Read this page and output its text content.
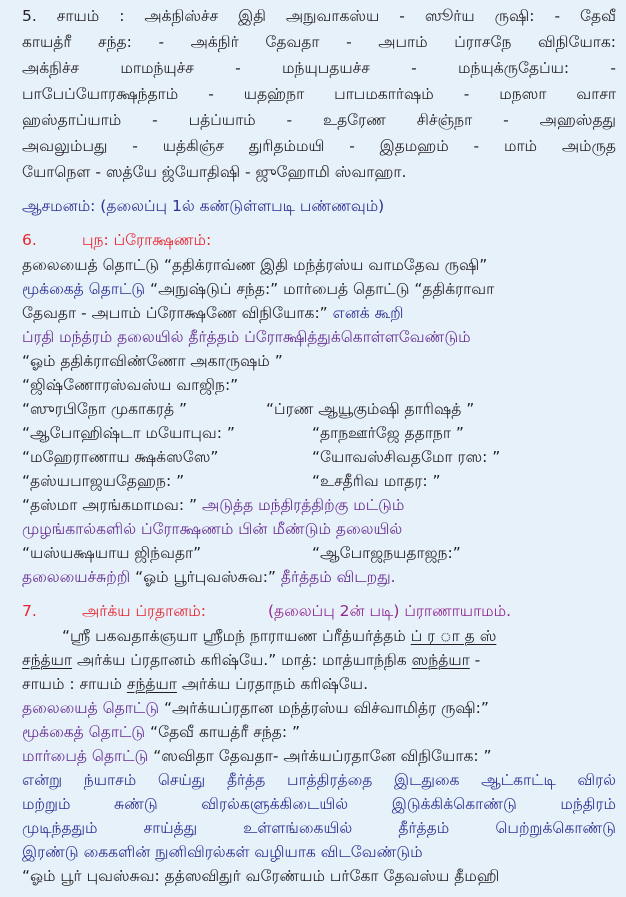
5. சாயம் : அக்நிஸ்ச்ச இதி அநுவாகஸ்ய - ஸூர்ய ருஷி: - தேவீ
காயத்ரீ சந்த: - அக்நிர் தேவதா - அபாம் ப்ராசநே விநியோக:
அக்நிச்ச மாமந்யுச்ச - மந்யுபதயச்ச - மந்யுக்ருதேப்ய: -
பாபேப்யோரக்ஷந்தாம் - யதஹ்நா பாபமகார்ஷம் - மநஸா வாசா
ஹஸ்தாப்யாம் - பத்ப்யாம் - உதரேண சிச்ஞ்நா - அஹஸ்தது
அவலும்பது - யத்கிஞ்ச துரிதம்மயி - இதமஹம் - மாம் அம்ருத
யோநௌ - ஸத்யே ஜ்யோதிஷி - ஜுஹோமி ஸ்வாஹா.
ஆசமனம்: (தலைப்பு 1ல் கண்டுள்ளபடி பண்ணவும்)
6.	புந: ப்ரோக்ஷணம்:
தலையைத் தொட்டு “ததிக்ராவ்ண இதி மந்த்ரஸ்ய வாமதேவ ருஷி”
மூக்கைத் தொட்டு “அநுஷ்டுப் சந்த:” மார்பைத் தொட்டு “ததிக்ராவா
தேவதா - அபாம் ப்ரோக்ஷணே விநியோக:” எனக் கூறி
ப்ரதி மந்த்ரம் தலையில் தீர்த்தம் ப்ரோக்ஷித்துக்கொள்ளவேண்டும்
“ஓம் ததிக்ராவிண்ணோ அகாருஷம் ”
“ஜிஷ்ணோரஸ்வஸ்ய வாஜிந:”
“ஸுரபிநோ முகாகரத் ”	“ப்ரண ஆயூகும்ஷி தாரிஷத் ”
“ஆபோஹிஷ்டா மயோபுவ: ”	“தாநஊர்ஜே ததாநா ”
“மஹேராணாய க்ஷக்ஸஸே”	“யோவஸ்சிவதமோ ரஸ: ”
“தஸ்யபாஜயதேஹந: ”	“உசதீரிவ மாதர: ”
“தஸ்மா அரங்கமாமவ: ” அடுத்த மந்திரத்திற்கு மட்டும்
முழங்கால்களில் ப்ரோக்ஷணம் பின் மீண்டும் தலையில்
“யஸ்யக்ஷயாய ஜிந்வதா”	“ஆபோஜநயதாஜந:”
தலையைச்சுற்றி “ஓம் பூர்புவஸ்சுவ:” தீர்த்தம் விடறது.
7.	அர்க்ய ப்ரதானம்:	(தலைப்பு 2ன் படி) ப்ராணாயாமம்.
“ஸ்ரீ பகவதாக்ஞயா ஸ்ரீமந் நாராயண ப்ரீத்யர்த்தம் ப் ர ா த ஸ்
சந்த்யா அர்க்ய ப்ரதானம் கரிஷ்யே.” மாத்: மாத்யாந்நிக ஸந்த்யா -
சாயம் : சாயம் சந்த்யா அர்க்ய ப்ரதாநம் கரிஷ்யே.
தலையைத் தொட்டு “அர்க்யப்ரதான மந்த்ரஸ்ய விச்வாமித்ர ருஷி:”
மூக்கைத் தொட்டு “தேவீ காயத்ரீ சந்த: ”
மார்பைத் தொட்டு “ஸவிதா தேவதா- அர்க்யப்ரதானே விநியோக: ”
என்று ந்யாசம் செய்து தீர்த்த பாத்திரத்தை இடதுகை ஆட்காட்டி விரல்
மற்றும் சுண்டு விரல்களுக்கிடையில் இடுக்கிக்கொண்டு மந்திரம்
முடிந்ததும் சாய்த்து உள்ளங்கையில் தீர்த்தம் பெற்றுக்கொண்டு
இரண்டு கைகளின் நுனிவிரல்கள் வழியாக விடவேண்டும்
“ஓம் பூர் புவஸ்சுவ: தத்ஸவிதுர் வரேண்யம் பர்கோ தேவஸ்ய தீமஹி
